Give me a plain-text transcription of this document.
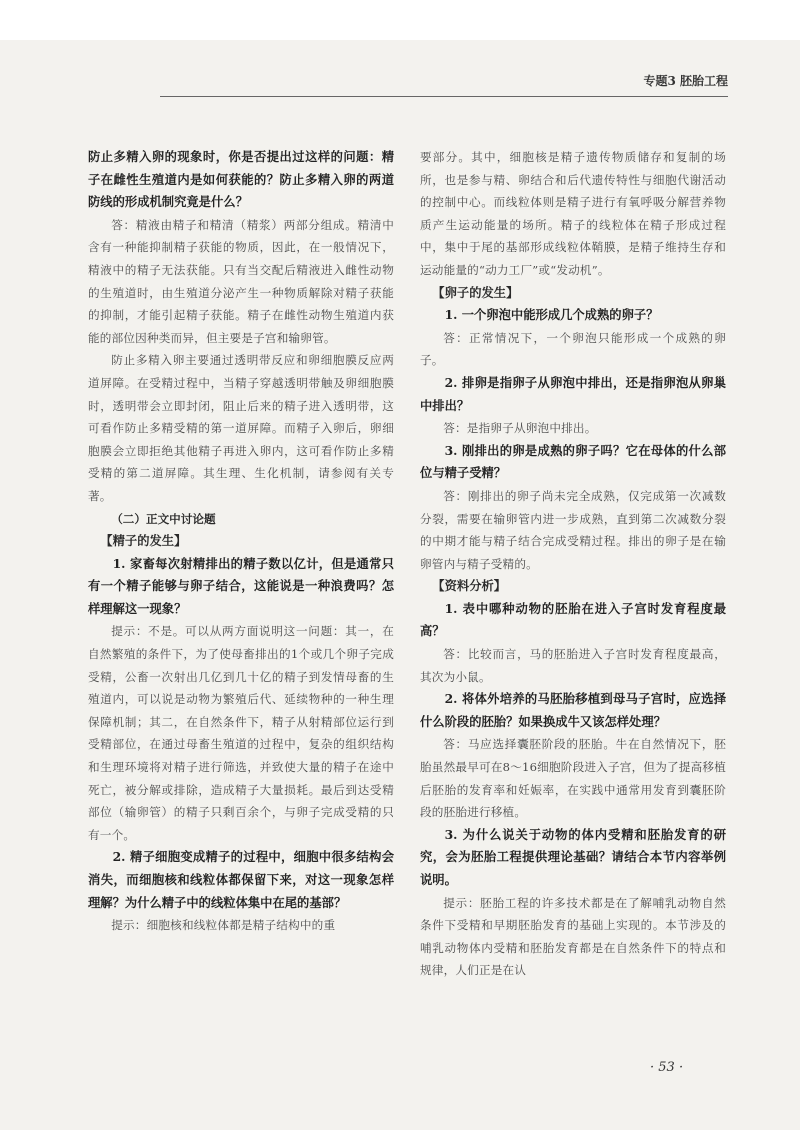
专题3 胚胎工程

防止多精入卵的现象时，你是否提出过这样的问题：精子在雌性生殖道内是如何获能的？防止多精入卵的两道防线的形成机制究竟是什么？

答：精液由精子和精清（精浆）两部分组成。精清中含有一种能抑制精子获能的物质，因此，在一般情况下，精液中的精子无法获能。只有当交配后精液进入雌性动物的生殖道时，由生殖道分泌产生一种物质解除对精子获能的抑制，才能引起精子获能。精子在雌性动物生殖道内获能的部位因种类而异，但主要是子宫和输卵管。

防止多精入卵主要通过透明带反应和卵细胞膜反应两道屏障。在受精过程中，当精子穿越透明带触及卵细胞膜时，透明带会立即封闭，阻止后来的精子进入透明带，这可看作防止多精受精的第一道屏障。而精子入卵后，卵细胞膜会立即拒绝其他精子再进入卵内，这可看作防止多精受精的第二道屏障。其生理、生化机制，请参阅有关专著。

（二）正文中讨论题

【精子的发生】

1. 家畜每次射精排出的精子数以亿计，但是通常只有一个精子能够与卵子结合，这能说是一种浪费吗？怎样理解这一现象？

提示：不是。可以从两方面说明这一问题：其一，在自然繁殖的条件下，为了使母畜排出的1个或几个卵子完成受精，公畜一次射出几亿到几十亿的精子到发情母畜的生殖道内，可以说是动物为繁殖后代、延续物种的一种生理保障机制；其二，在自然条件下，精子从射精部位运行到受精部位，在通过母畜生殖道的过程中，复杂的组织结构和生理环境将对精子进行筛选，并致使大量的精子在途中死亡，被分解或排除，造成精子大量损耗。最后到达受精部位（输卵管）的精子只剩百余个，与卵子完成受精的只有一个。

2. 精子细胞变成精子的过程中，细胞中很多结构会消失，而细胞核和线粒体都保留下来，对这一现象怎样理解？为什么精子中的线粒体集中在尾的基部？

提示：细胞核和线粒体都是精子结构中的重

要部分。其中，细胞核是精子遗传物质储存和复制的场所，也是参与精、卵结合和后代遗传特性与细胞代谢活动的控制中心。而线粒体则是精子进行有氧呼吸分解营养物质产生运动能量的场所。精子的线粒体在精子形成过程中，集中于尾的基部形成线粒体鞘膜，是精子维持生存和运动能量的“动力工厂”或“发动机”。

【卵子的发生】

1. 一个卵泡中能形成几个成熟的卵子？

答：正常情况下，一个卵泡只能形成一个成熟的卵子。

2. 排卵是指卵子从卵泡中排出，还是指卵泡从卵巢中排出？

答：是指卵子从卵泡中排出。

3. 刚排出的卵是成熟的卵子吗？它在母体的什么部位与精子受精？

答：刚排出的卵子尚未完全成熟，仅完成第一次减数分裂，需要在输卵管内进一步成熟，直到第二次减数分裂的中期才能与精子结合完成受精过程。排出的卵子是在输卵管内与精子受精的。

【资料分析】

1. 表中哪种动物的胚胎在进入子宫时发育程度最高？

答：比较而言，马的胚胎进入子宫时发育程度最高，其次为小鼠。

2. 将体外培养的马胚胎移植到母马子宫时，应选择什么阶段的胚胎？如果换成牛又该怎样处理？

答：马应选择囊胚阶段的胚胎。牛在自然情况下，胚胎虽然最早可在8～16细胞阶段进入子宫，但为了提高移植后胚胎的发育率和妊娠率，在实践中通常用发育到囊胚阶段的胚胎进行移植。

3. 为什么说关于动物的体内受精和胚胎发育的研究，会为胚胎工程提供理论基础？请结合本节内容举例说明。

提示：胚胎工程的许多技术都是在了解哺乳动物自然条件下受精和早期胚胎发育的基础上实现的。本节涉及的哺乳动物体内受精和胚胎发育都是在自然条件下的特点和规律，人们正是在认

· 53 ·
